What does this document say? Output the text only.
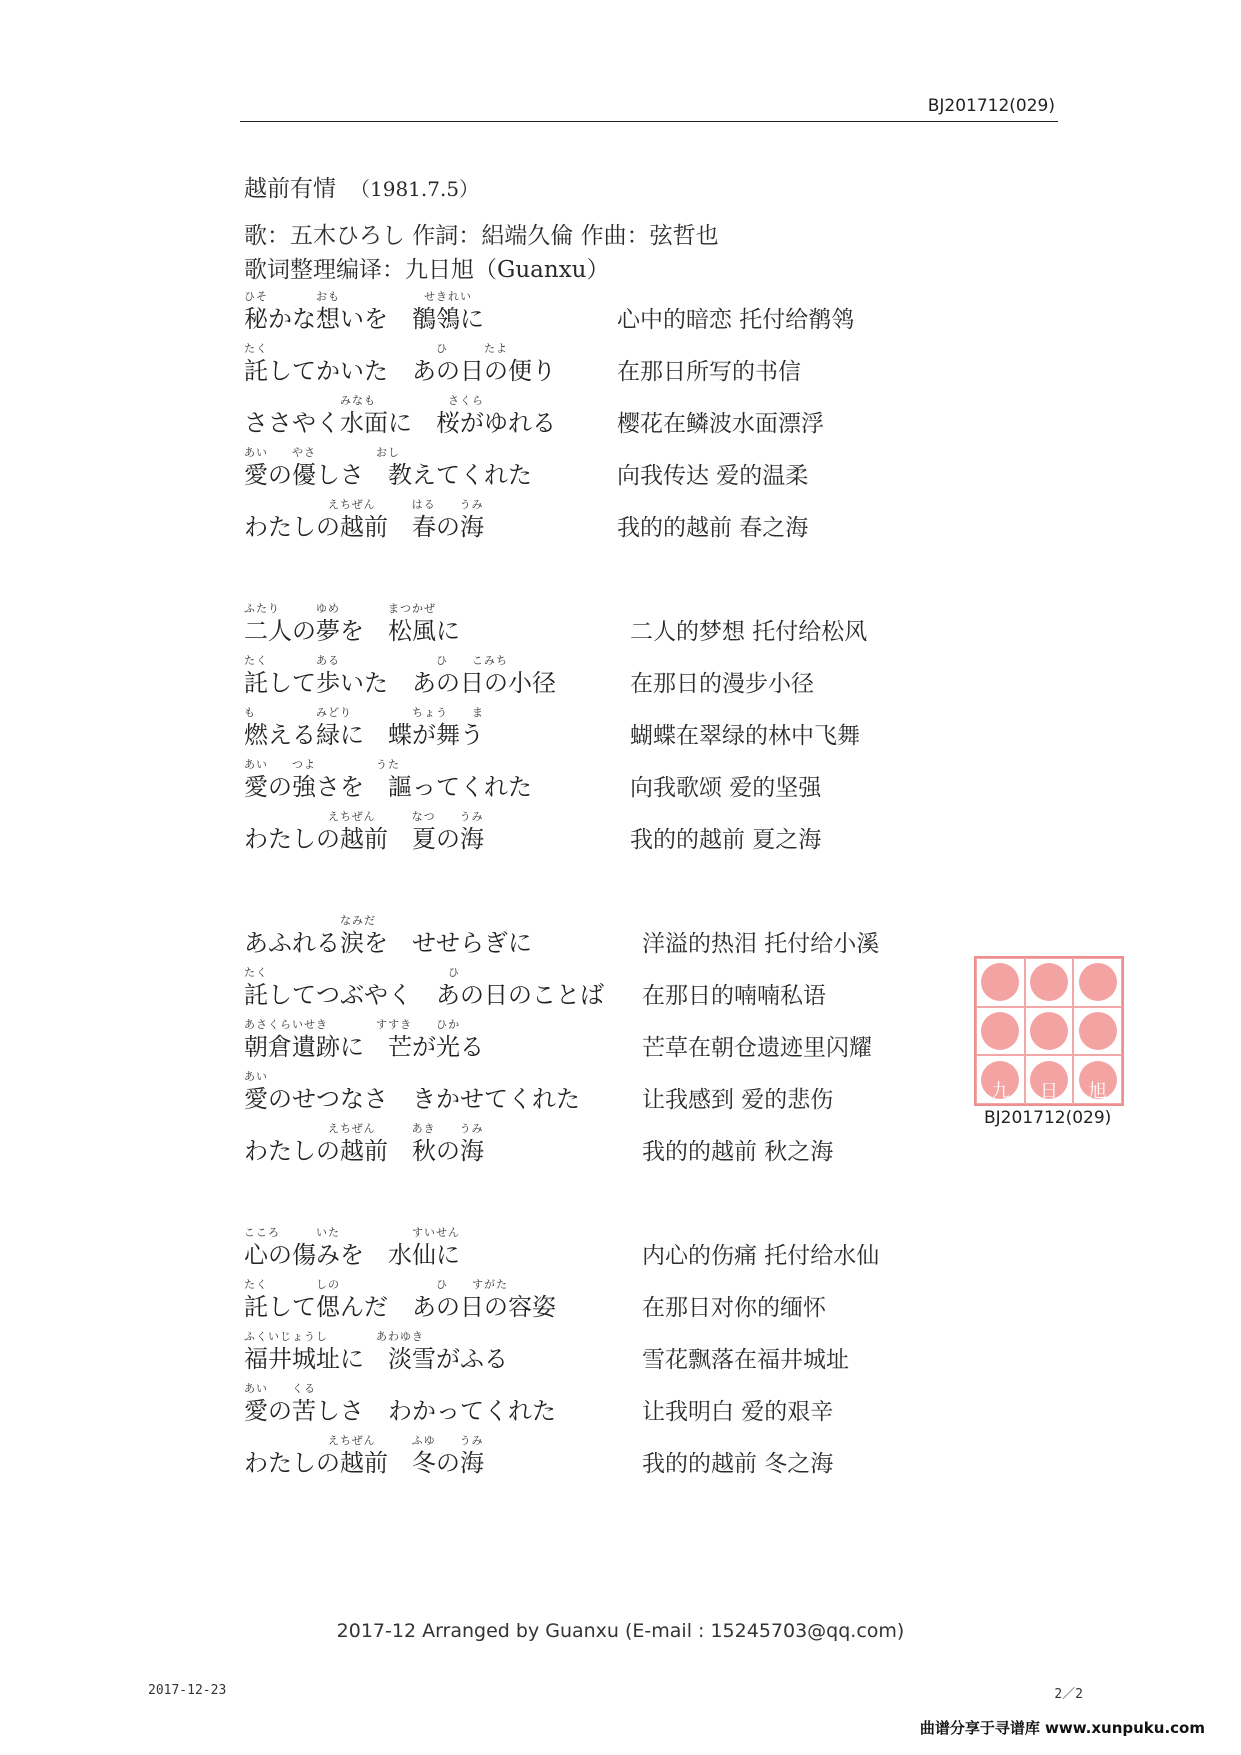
BJ201712(029)
越前有情 （1981.7.5）
歌：五木ひろし 作詞：絽端久倫 作曲：弦哲也
歌词整理编译：九日旭（Guanxu）
ひそ　　　　おも　　　　　　　せきれい
秘かな想いを　鶺鴒に	心中的暗恋 托付给鹡鸰
たく　　　　　　　　　　　　　　ひ　　　たよ
託してかいた　あの日の便り	在那日所写的书信
　　　　　　　　みなも　　　　　　さくら
ささやく水面に　桜がゆれる	樱花在鳞波水面漂浮
あい　　やさ　　　　　おし
愛の優しさ　教えてくれた	向我传达 爱的温柔
　　　　　　　えちぜん　　　はる　　うみ
わたしの越前　春の海	我的的越前 春之海
ふたり　　　ゆめ　　　　まつかぜ
二人の夢を　松風に	二人的梦想 托付给松风
たく　　　　ある　　　　　　　　ひ　　こみち
託して歩いた　あの日の小径	在那日的漫步小径
も　　　　　みどり　　　　　ちょう　　ま
燃える緑に　蝶が舞う	蝴蝶在翠绿的林中飞舞
あい　　つよ　　　　　うた
愛の強さを　謳ってくれた	向我歌颂 爱的坚强
　　　　　　　えちぜん　　　なつ　　うみ
わたしの越前　夏の海	我的的越前 夏之海
　　　　　　　　なみだ
あふれる涙を　せせらぎに	洋溢的热泪 托付给小溪
たく　　　　　　　　　　　　　　　ひ
託してつぶやく　あの日のことば 在那日的喃喃私语
あさくらいせき　　　　すすき　　ひか
朝倉遺跡に　芒が光る	芒草在朝仓遗迹里闪耀
あい
愛のせつなさ　きかせてくれた	让我感到 爱的悲伤
　　　　　　　えちぜん　　　あき　　うみ
わたしの越前　秋の海	我的的越前 秋之海
こころ　　　いた　　　　　　すいせん
心の傷みを　水仙に	内心的伤痛 托付给水仙
たく　　　　しの　　　　　　　　ひ　　すがた
託して偲んだ　あの日の容姿	在那日对你的缅怀
ふくいじょうし　　　　あわゆき
福井城址に　淡雪がふる	雪花飘落在福井城址
あい　　くる
愛の苦しさ　わかってくれた	让我明白 爱的艰辛
　　　　　　　えちぜん　　　ふゆ　　うみ
わたしの越前　冬の海	我的的越前 冬之海
九 日 旭
BJ201712(029)
2017-12 Arranged by Guanxu (E-mail : 15245703@qq.com)
2017-12-23	2／2
曲谱分享于寻谱库 www.xunpuku.com
